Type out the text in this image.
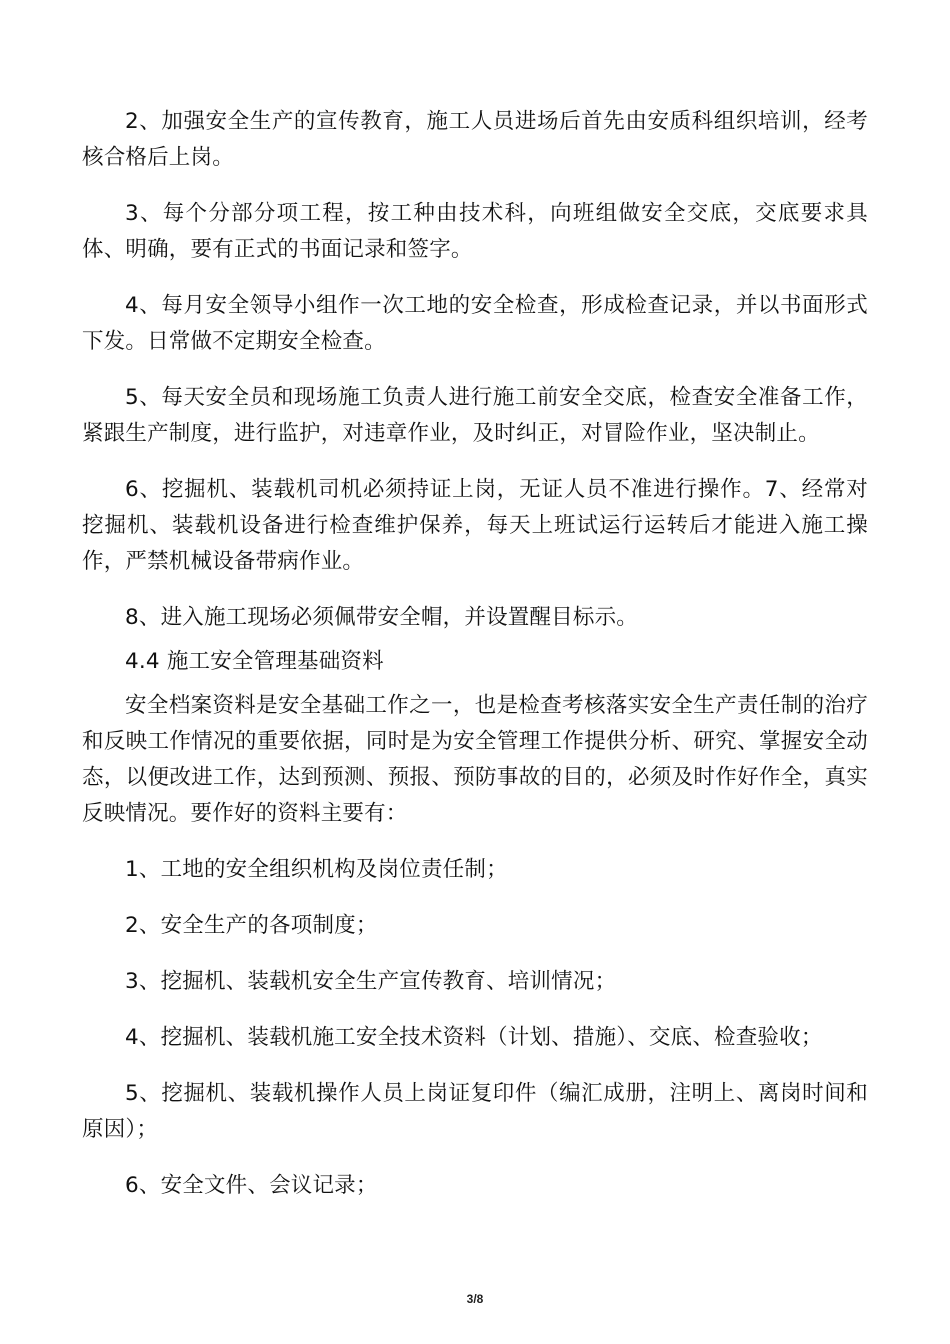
2、加强安全生产的宣传教育，施工人员进场后首先由安质科组织培训，经考核合格后上岗。

3、每个分部分项工程，按工种由技术科，向班组做安全交底，交底要求具体、明确，要有正式的书面记录和签字。

4、每月安全领导小组作一次工地的安全检查，形成检查记录，并以书面形式下发。日常做不定期安全检查。

5、每天安全员和现场施工负责人进行施工前安全交底，检查安全准备工作，紧跟生产制度，进行监护，对违章作业，及时纠正，对冒险作业，坚决制止。

6、挖掘机、装载机司机必须持证上岗，无证人员不准进行操作。7、经常对挖掘机、装载机设备进行检查维护保养，每天上班试运行运转后才能进入施工操作，严禁机械设备带病作业。

8、进入施工现场必须佩带安全帽，并设置醒目标示。

4.4 施工安全管理基础资料

安全档案资料是安全基础工作之一，也是检查考核落实安全生产责任制的治疗和反映工作情况的重要依据，同时是为安全管理工作提供分析、研究、掌握安全动态，以便改进工作，达到预测、预报、预防事故的目的，必须及时作好作全，真实反映情况。要作好的资料主要有：

1、工地的安全组织机构及岗位责任制；

2、安全生产的各项制度；

3、挖掘机、装载机安全生产宣传教育、培训情况；

4、挖掘机、装载机施工安全技术资料（计划、措施）、交底、检查验收；

5、挖掘机、装载机操作人员上岗证复印件（编汇成册，注明上、离岗时间和原因）；

6、安全文件、会议记录；

3/8
